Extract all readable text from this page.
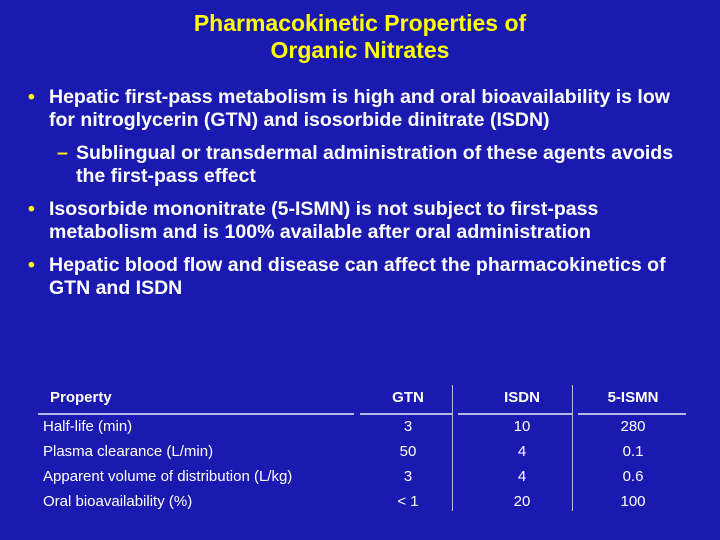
Pharmacokinetic Properties of
Organic Nitrates
• Hepatic first-pass metabolism is high and oral bioavailability is low for nitroglycerin (GTN) and isosorbide dinitrate (ISDN)
– Sublingual or transdermal administration of these agents avoids the first-pass effect
• Isosorbide mononitrate (5-ISMN) is not subject to first-pass metabolism and is 100% available after oral administration
• Hepatic blood flow and disease can affect the pharmacokinetics of GTN and ISDN
Property	GTN	ISDN	5-ISMN
Half-life (min)	3	10	280
Plasma clearance (L/min)	50	4	0.1
Apparent volume of distribution (L/kg)	3	4	0.6
Oral bioavailability (%)	< 1	20	100
